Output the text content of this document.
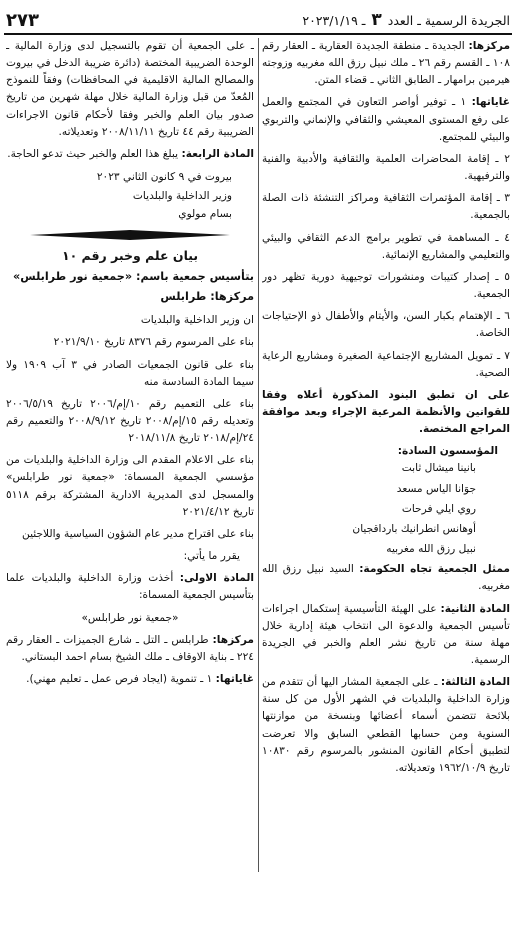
الجريدة الرسمية ـ العدد ٣ ـ ٢٠٢٣/١/١٩
٢٧٣

مركزها: الجديدة ـ منطقة الجديدة العقارية ـ العقار رقم ١٠٨ ـ القسم رقم ٢٦ ـ ملك نبيل رزق الله مغربيه وزوجته هيرمين برامهار ـ الطابق الثاني ـ قضاء المتن.

غاياتها: ١ ـ توفير أواصر التعاون في المجتمع والعمل على رفع المستوى المعيشي والثقافي والإنماني والتربوي والبيئي للمجتمع.

٢ ـ إقامة المحاضرات العلمية والثقافية والأدبية والفنية والترفيهية.

٣ ـ إقامة المؤتمرات الثقافية ومراكز التنشئة ذات الصلة بالجمعية.

٤ ـ المساهمة في تطوير برامج الدعم الثقافي والبيئي والتعليمي والمشاريع الإنمائية.

٥ ـ إصدار كتيبات ومنشورات توجيهية دورية تظهر دور الجمعية.

٦ ـ الإهتمام بكبار السن، والأيتام والأطفال ذو الإحتياجات الخاصة.

٧ ـ تمويل المشاريع الإجتماعية الصغيرة ومشاريع الرعاية الصحية.

على ان تطبق البنود المذكورة أعلاه وفقا للقوانين والأنظمة المرعية الإجراء وبعد موافقة المراجع المختصة.

المؤسسون السادة:

بانينا ميشال ثابت

جوَانا الياس مسعد

روي ايلي فرحات

أوهانس انطرانيك بارداقجيان

نبيل رزق الله مغربيه

ممثل الجمعية تجاه الحكومة: السيد نبيل رزق الله مغربيه.

المادة الثانية: على الهيئة التأسيسية إستكمال اجراءات تأسيس الجمعية والدعوة الى انتخاب هيئة إدارية خلال مهلة سنة من تاريخ نشر العلم والخبر في الجريدة الرسمية.

المادة الثالثة: ـ على الجمعية المشار اليها أن تتقدم من وزارة الداخلية والبلديات في الشهر الأول من كل سنة بلائحة تتضمن أسماء أعضائها وبنسخة من موازنتها السنوية ومن حسابها القطعي السابق والا تعرضت لتطبيق أحكام القانون المنشور بالمرسوم رقم ١٠٨٣٠ تاريخ ١٩٦٢/١٠/٩ وتعديلاته.

ـ على الجمعية أن تقوم بالتسجيل لدى وزارة المالية ـ الوحدة الضريبية المختصة (دائرة ضريبة الدخل في بيروت والمصالح المالية الاقليمية في المحافظات) وفقاً للنموذج المُعدّ من قبل وزارة المالية خلال مهلة شهرين من تاريخ صدور بيان العلم والخبر وفقا لأحكام قانون الاجراءات الضريبية رقم ٤٤ تاريخ ٢٠٠٨/١١/١١ وتعديلاته.

المادة الرابعة: يبلغ هذا العلم والخبر حيث تدعو الحاجة.

بيروت في ٩ كانون الثاني ٢٠٢٣

وزير الداخلية والبلديات

بسام مولوي

بيان علم وخبر رقم ١٠

بتأسيس جمعية باسم: «جمعية نور طرابلس»

مركزها: طرابلس

ان وزير الداخلية والبلديات

بناء على المرسوم رقم ٨٣٧٦ تاريخ ٢٠٢١/٩/١٠

بناء على قانون الجمعيات الصادر في ٣ آب ١٩٠٩ ولا سيما المادة السادسة منه

بناء على التعميم رقم ١٠/إم/٢٠٠٦ تاريخ ٢٠٠٦/٥/١٩ وتعديله رقم ١٥/إم/٢٠٠٨ تاريخ ٢٠٠٨/٩/١٢ والتعميم رقم ٢٤/إم/٢٠١٨ تاريخ ٢٠١٨/١١/٨

بناء على الاعلام المقدم الى وزارة الداخلية والبلديات من مؤسسي الجمعية المسماة: «جمعية نور طرابلس» والمسجل لدى المديرية الادارية المشتركة برقم ٥١١٨ تاريخ ٢٠٢١/٤/١٢

بناء على اقتراح مدير عام الشؤون السياسية واللاجئين

يقرر ما يأتي:

المادة الاولى: أخذت وزارة الداخلية والبلديات علما بتأسيس الجمعية المسماة:

«جمعية نور طرابلس»

مركزها: طرابلس ـ التل ـ شارع الجميزات ـ العقار رقم ٢٢٤ ـ بناية الاوقاف ـ ملك الشيخ بسام احمد البستاني.

غاياتها: ١ ـ تنموية (ايجاد فرص عمل ـ تعليم مهني).
